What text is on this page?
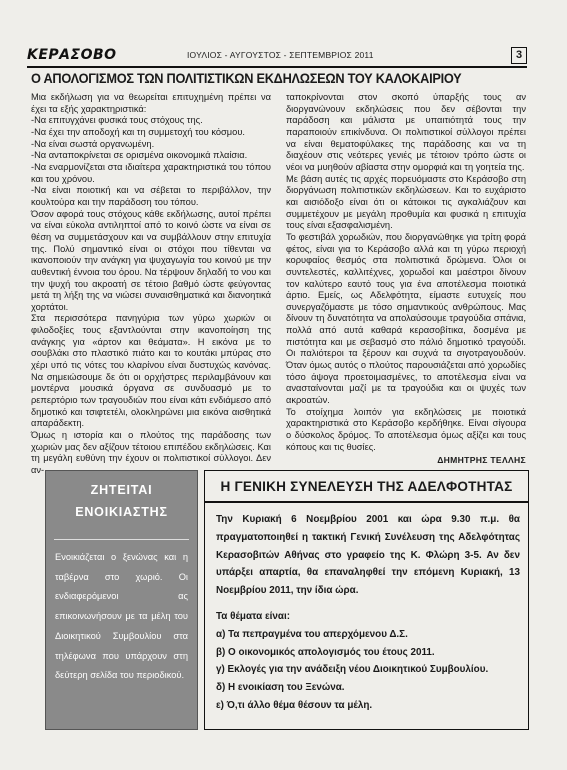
ΚΕΡΑΣΟΒΟ	ΙΟΥΛΙΟΣ - ΑΥΓΟΥΣΤΟΣ - ΣΕΠΤΕΜΒΡΙΟΣ 2011	3
Ο ΑΠΟΛΟΓΙΣΜΟΣ ΤΩΝ ΠΟΛΙΤΙΣΤΙΚΩΝ ΕΚΔΗΛΩΣΕΩΝ ΤΟΥ ΚΑΛΟΚΑΙΡΙΟΥ

Μια εκδήλωση για να θεωρείται επιτυχημένη πρέπει να έχει τα εξής χαρακτηριστικά:

-Να επιτυγχάνει φυσικά τους στόχους της.

-Να έχει την αποδοχή και τη συμμετοχή του κόσμου.

-Να είναι σωστά οργανωμένη.

-Να ανταποκρίνεται σε ορισμένα οικονομικά πλαίσια.

-Να εναρμονίζεται στα ιδιαίτερα χαρακτηριστικά του τόπου και του χρόνου.

-Να είναι ποιοτική και να σέβεται το περιβάλλον, την κουλτούρα και την παράδοση του τόπου.

Όσον αφορά τους στόχους κάθε εκδήλωσης, αυτοί πρέπει να είναι εύκολα αντιληπτοί από το κοινό ώστε να είναι σε θέση να συμμετάσχουν και να συμβάλλουν στην επιτυχία της. Πολύ σημαντικό είναι οι στόχοι που τίθενται να ικανοποιούν την ανάγκη για ψυχαγωγία του κοινού με την αυθεντική έννοια του όρου. Να τέρψουν δηλαδή το νου και την ψυχή του ακροατή σε τέτοιο βαθμό ώστε φεύγοντας μετά τη λήξη της να νιώσει συναισθηματικά και διανοητικά χορτάτοι.

Στα περισσότερα πανηγύρια των γύρω χωριών οι φιλοδοξίες τους εξαντλούνται στην ικανοποίηση της ανάγκης για «άρτον και θεάματα». Η εικόνα με το σουβλάκι στο πλαστικό πιάτο και το κουτάκι μπύρας στο χέρι υπό τις νότες του κλαρίνου είναι δυστυχώς κανόνας. Να σημειώσουμε δε ότι οι ορχήστρες περιλαμβάνουν και μοντέρνα μουσικά όργανα σε συνδυασμό με το ρεπερτόριο των τραγουδιών που είναι κάτι ενδιάμεσο από δημοτικό και τσιφτετέλι, ολοκληρώνει μια εικόνα αισθητικά απαράδεκτη.

Όμως η ιστορία και ο πλούτος της παράδοσης των χωριών μας δεν αξίζουν τέτοιου επιπέδου εκδηλώσεις. Και τη μεγάλη ευθύνη την έχουν οι πολιτιστικοί σύλλογοι. Δεν αν-

ταποκρίνονται στον σκοπό ύπαρξής τους αν διοργανώνουν εκδηλώσεις που δεν σέβονται την παράδοση και μάλιστα με υπαιτιότητά τους την παραποιούν επικίνδυνα. Οι πολιτιστικοί σύλλογοι πρέπει να είναι θεματοφύλακες της παράδοσης και να τη διαχέουν στις νεότερες γενιές με τέτοιον τρόπο ώστε οι νέοι να μυηθούν αβίαστα στην ομορφιά και τη γοητεία της.

Με βάση αυτές τις αρχές πορευόμαστε στο Κεράσοβο στη διοργάνωση πολιτιστικών εκδηλώσεων. Και το ευχάριστο και αισιόδοξο είναι ότι οι κάτοικοι τις αγκαλιάζουν και συμμετέχουν με μεγάλη προθυμία και φυσικά η επιτυχία τους είναι εξασφαλισμένη.

Το φεστιβάλ χορωδιών, που διοργανώθηκε για τρίτη φορά φέτος, είναι για το Κεράσοβο αλλά και τη γύρω περιοχή κορυφαίος θεσμός στα πολιτιστικά δρώμενα. Όλοι οι συντελεστές, καλλιτέχνες, χορωδοί και μαέστροι δίνουν τον καλύτερο εαυτό τους για ένα αποτέλεσμα ποιοτικά άρτιο. Εμείς, ως Αδελφότητα, είμαστε ευτυχείς που συνεργαζόμαστε με τόσο σημαντικούς ανθρώπους. Μας δίνουν τη δυνατότητα να απολαύσουμε τραγούδια σπάνια, πολλά από αυτά καθαρά κερασοβίτικα, δοσμένα με πιστότητα και με σεβασμό στο πάλιό δημοτικό τραγούδι. Οι παλιότεροι τα ξέρουν και συχνά τα σιγοτραγουδούν. Όταν όμως αυτός ο πλούτος παρουσιάζεται από χορωδίες τόσο άψογα προετοιμασμένες, το αποτέλεσμα είναι να ανασταίνονται μαζί με τα τραγούδια και οι ψυχές των ακροατών.

Το στοίχημα λοιπόν για εκδηλώσεις με ποιοτικά χαρακτηριστικά στο Κεράσοβο κερδήθηκε. Είναι σίγουρα ο δύσκολος δρόμος. Το αποτέλεσμα όμως αξίζει και τους κόπους και τις θυσίες.

ΔΗΜΗΤΡΗΣ ΤΕΛΛΗΣ

ΖΗΤΕΙΤΑΙ
ΕΝΟΙΚΙΑΣΤΗΣ
Ενοικιάζεται ο ξενώνας και η ταβέρνα στο χωριό. Οι ενδιαφερόμενοι ας επικοινωνήσουν με τα μέλη του Διοικητικού Συμβουλίου στα τηλέφωνα που υπάρχουν στη δεύτερη σελίδα του περιοδικού.
Η ΓΕΝΙΚΗ ΣΥΝΕΛΕΥΣΗ ΤΗΣ ΑΔΕΛΦΟΤΗΤΑΣ

Την Κυριακή 6 Νοεμβρίου 2001 και ώρα 9.30 π.μ. θα πραγματοποιηθεί η τακτική Γενική Συνέλευση της Αδελφότητας Κερασοβιτών Αθήνας στο γραφείο της Κ. Φλώρη 3-5. Αν δεν υπάρξει απαρτία, θα επαναληφθεί την επόμενη Κυριακή, 13 Νοεμβρίου 2011, την ίδια ώρα.

Τα θέματα είναι:

α) Τα πεπραγμένα του απερχόμενου Δ.Σ.
β) Ο οικονομικός απολογισμός του έτους 2011.
γ) Εκλογές για την ανάδειξη νέου Διοικητικού Συμβουλίου.
δ) Η ενοικίαση του Ξενώνα.
ε) Ό,τι άλλο θέμα θέσουν τα μέλη.
